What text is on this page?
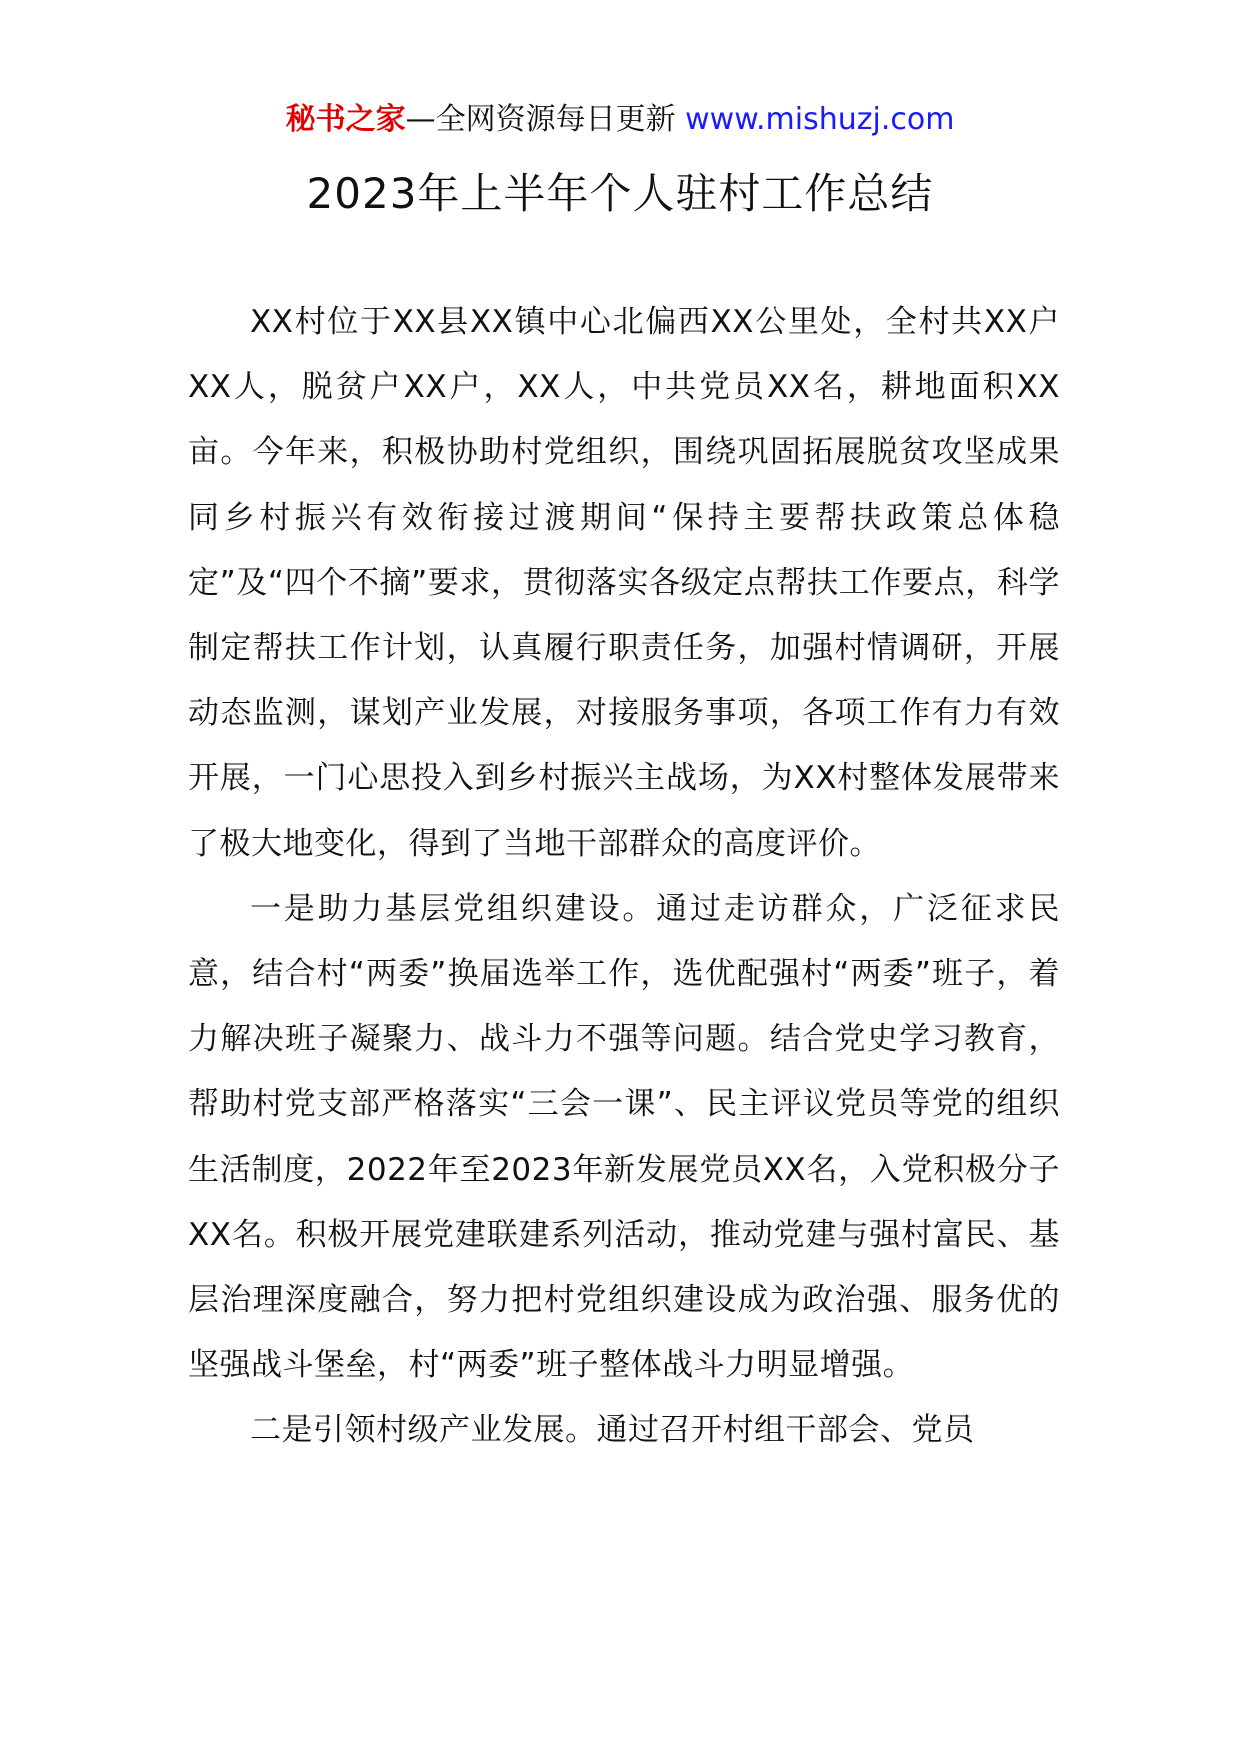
秘书之家—全网资源每日更新 www.mishuzj.com
2023年上半年个人驻村工作总结

XX村位于XX县XX镇中心北偏西XX公里处，全村共XX户XX人，脱贫户XX户，XX人，中共党员XX名，耕地面积XX亩。今年来，积极协助村党组织，围绕巩固拓展脱贫攻坚成果同乡村振兴有效衔接过渡期间“保持主要帮扶政策总体稳定”及“四个不摘”要求，贯彻落实各级定点帮扶工作要点，科学制定帮扶工作计划，认真履行职责任务，加强村情调研，开展动态监测，谋划产业发展，对接服务事项，各项工作有力有效开展，一门心思投入到乡村振兴主战场，为XX村整体发展带来了极大地变化，得到了当地干部群众的高度评价。

一是助力基层党组织建设。通过走访群众，广泛征求民意，结合村“两委”换届选举工作，选优配强村“两委”班子，着力解决班子凝聚力、战斗力不强等问题。结合党史学习教育，帮助村党支部严格落实“三会一课”、民主评议党员等党的组织生活制度，2022年至2023年新发展党员XX名，入党积极分子XX名。积极开展党建联建系列活动，推动党建与强村富民、基层治理深度融合，努力把村党组织建设成为政治强、服务优的坚强战斗堡垒，村“两委”班子整体战斗力明显增强。

二是引领村级产业发展。通过召开村组干部会、党员
